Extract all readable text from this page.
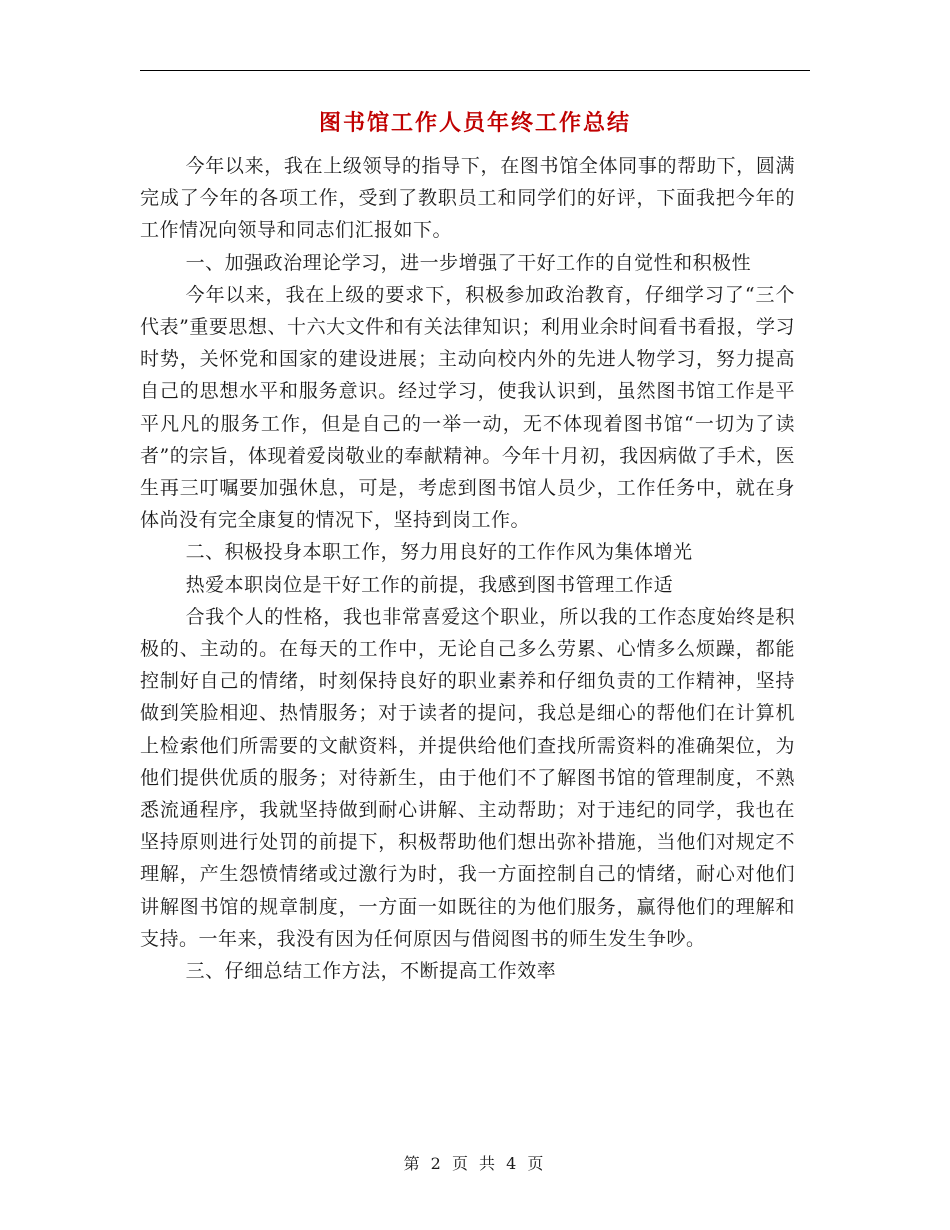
图书馆工作人员年终工作总结

今年以来，我在上级领导的指导下，在图书馆全体同事的帮助下，圆满完成了今年的各项工作，受到了教职员工和同学们的好评，下面我把今年的工作情况向领导和同志们汇报如下。

一、加强政治理论学习，进一步增强了干好工作的自觉性和积极性

今年以来，我在上级的要求下，积极参加政治教育，仔细学习了“三个代表”重要思想、十六大文件和有关法律知识；利用业余时间看书看报，学习时势，关怀党和国家的建设进展；主动向校内外的先进人物学习，努力提高自己的思想水平和服务意识。经过学习，使我认识到，虽然图书馆工作是平平凡凡的服务工作，但是自己的一举一动，无不体现着图书馆“一切为了读者”的宗旨，体现着爱岗敬业的奉献精神。今年十月初，我因病做了手术，医生再三叮嘱要加强休息，可是，考虑到图书馆人员少，工作任务中，就在身体尚没有完全康复的情况下，坚持到岗工作。

二、积极投身本职工作，努力用良好的工作作风为集体增光

热爱本职岗位是干好工作的前提，我感到图书管理工作适

合我个人的性格，我也非常喜爱这个职业，所以我的工作态度始终是积极的、主动的。在每天的工作中，无论自己多么劳累、心情多么烦躁，都能控制好自己的情绪，时刻保持良好的职业素养和仔细负责的工作精神，坚持做到笑脸相迎、热情服务；对于读者的提问，我总是细心的帮他们在计算机上检索他们所需要的文献资料，并提供给他们查找所需资料的准确架位，为他们提供优质的服务；对待新生，由于他们不了解图书馆的管理制度，不熟悉流通程序，我就坚持做到耐心讲解、主动帮助；对于违纪的同学，我也在坚持原则进行处罚的前提下，积极帮助他们想出弥补措施，当他们对规定不理解，产生怨愤情绪或过激行为时，我一方面控制自己的情绪，耐心对他们讲解图书馆的规章制度，一方面一如既往的为他们服务，赢得他们的理解和支持。一年来，我没有因为任何原因与借阅图书的师生发生争吵。

三、仔细总结工作方法，不断提高工作效率

第 2 页 共 4 页
